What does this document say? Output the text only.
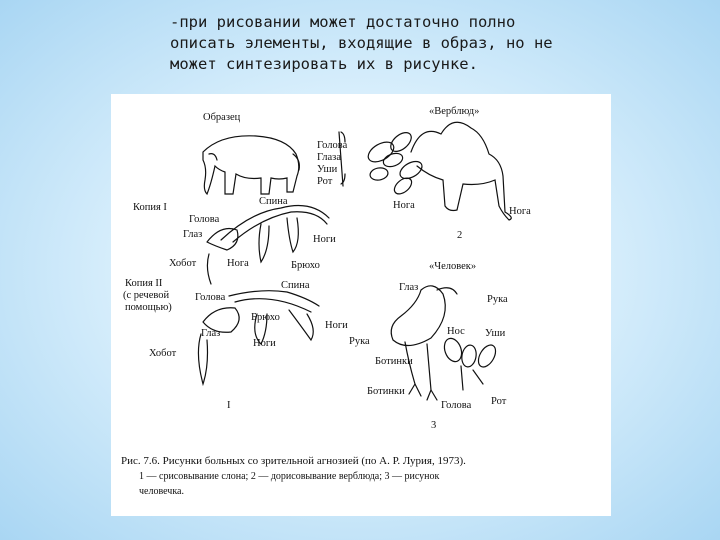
-при рисовании может достаточно полно
описать элементы, входящие в образ, но не
может синтезировать их в рисунке.
Образец
«Верблюд»
«Человек»
Копия I
Копия II
(с речевой
помощью)
Голова
Глаза
Уши
Рот
Нога
Нога
2
Спина
Голова
Глаз	Ноги
Хобот	Нога	Брюхо
Голова
Спина
Брюхо
Глаз
Ноги
Ноги
Хобот
I
Глаз
Рука
Нос Уши
Рука
Ботинки
Ботинки
Голова Рот
3
Рис. 7.6. Рисунки больных со зрительной агнозией (по А. Р. Лурия, 1973).
1 — срисовывание слона; 2 — дорисовывание верблюда; 3 — рисунок
человечка.
